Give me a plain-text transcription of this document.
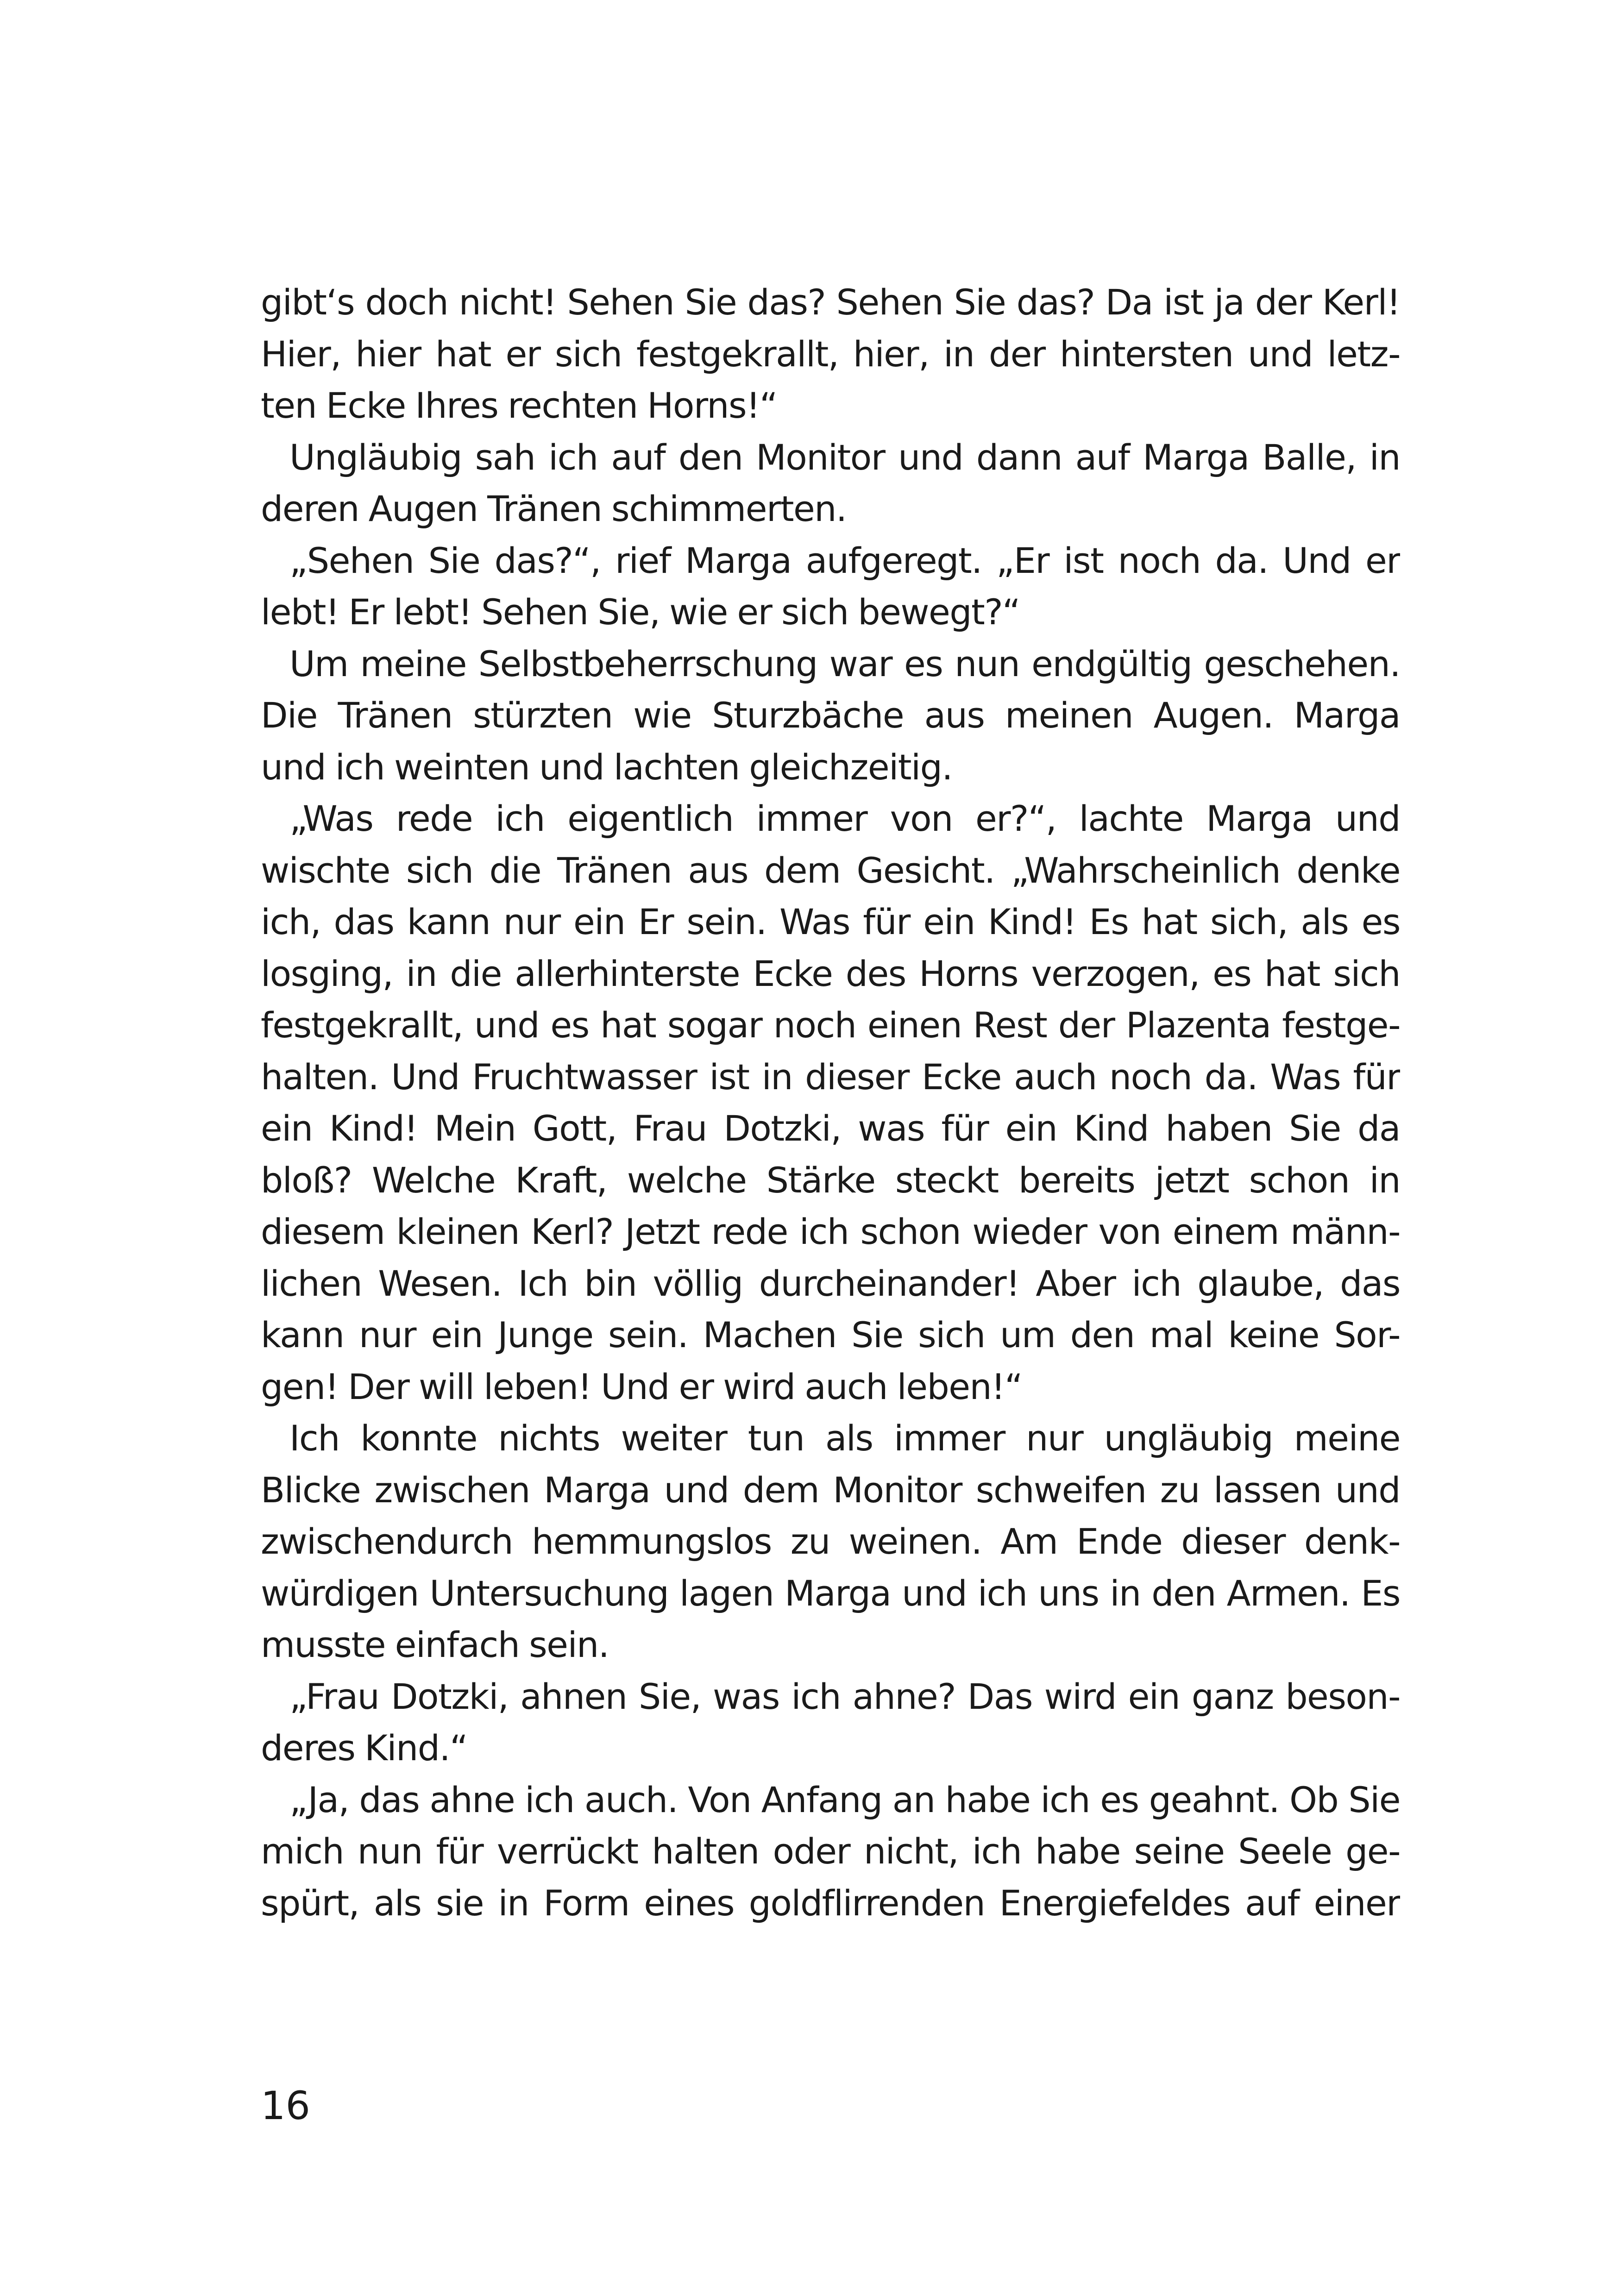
gibt‘s doch nicht! Sehen Sie das? Sehen Sie das? Da ist ja der Kerl!
Hier, hier hat er sich festgekrallt, hier, in der hintersten und letz-
ten Ecke Ihres rechten Horns!“
Ungläubig sah ich auf den Monitor und dann auf Marga Balle, in
deren Augen Tränen schimmerten.
„Sehen Sie das?“, rief Marga aufgeregt. „Er ist noch da. Und er
lebt! Er lebt! Sehen Sie, wie er sich bewegt?“
Um meine Selbstbeherrschung war es nun endgültig geschehen.
Die Tränen stürzten wie Sturzbäche aus meinen Augen. Marga
und ich weinten und lachten gleichzeitig.
„Was rede ich eigentlich immer von er?“, lachte Marga und
wischte sich die Tränen aus dem Gesicht. „Wahrscheinlich denke
ich, das kann nur ein Er sein. Was für ein Kind! Es hat sich, als es
losging, in die allerhinterste Ecke des Horns verzogen, es hat sich
festgekrallt, und es hat sogar noch einen Rest der Plazenta festge-
halten. Und Fruchtwasser ist in dieser Ecke auch noch da. Was für
ein Kind! Mein Gott, Frau Dotzki, was für ein Kind haben Sie da
bloß? Welche Kraft, welche Stärke steckt bereits jetzt schon in
diesem kleinen Kerl? Jetzt rede ich schon wieder von einem männ-
lichen Wesen. Ich bin völlig durcheinander! Aber ich glaube, das
kann nur ein Junge sein. Machen Sie sich um den mal keine Sor-
gen! Der will leben! Und er wird auch leben!“
Ich konnte nichts weiter tun als immer nur ungläubig meine
Blicke zwischen Marga und dem Monitor schweifen zu lassen und
zwischendurch hemmungslos zu weinen. Am Ende dieser denk-
würdigen Untersuchung lagen Marga und ich uns in den Armen. Es
musste einfach sein.
„Frau Dotzki, ahnen Sie, was ich ahne? Das wird ein ganz beson-
deres Kind.“
„Ja, das ahne ich auch. Von Anfang an habe ich es geahnt. Ob Sie
mich nun für verrückt halten oder nicht, ich habe seine Seele ge-
spürt, als sie in Form eines goldflirrenden Energiefeldes auf einer
16
